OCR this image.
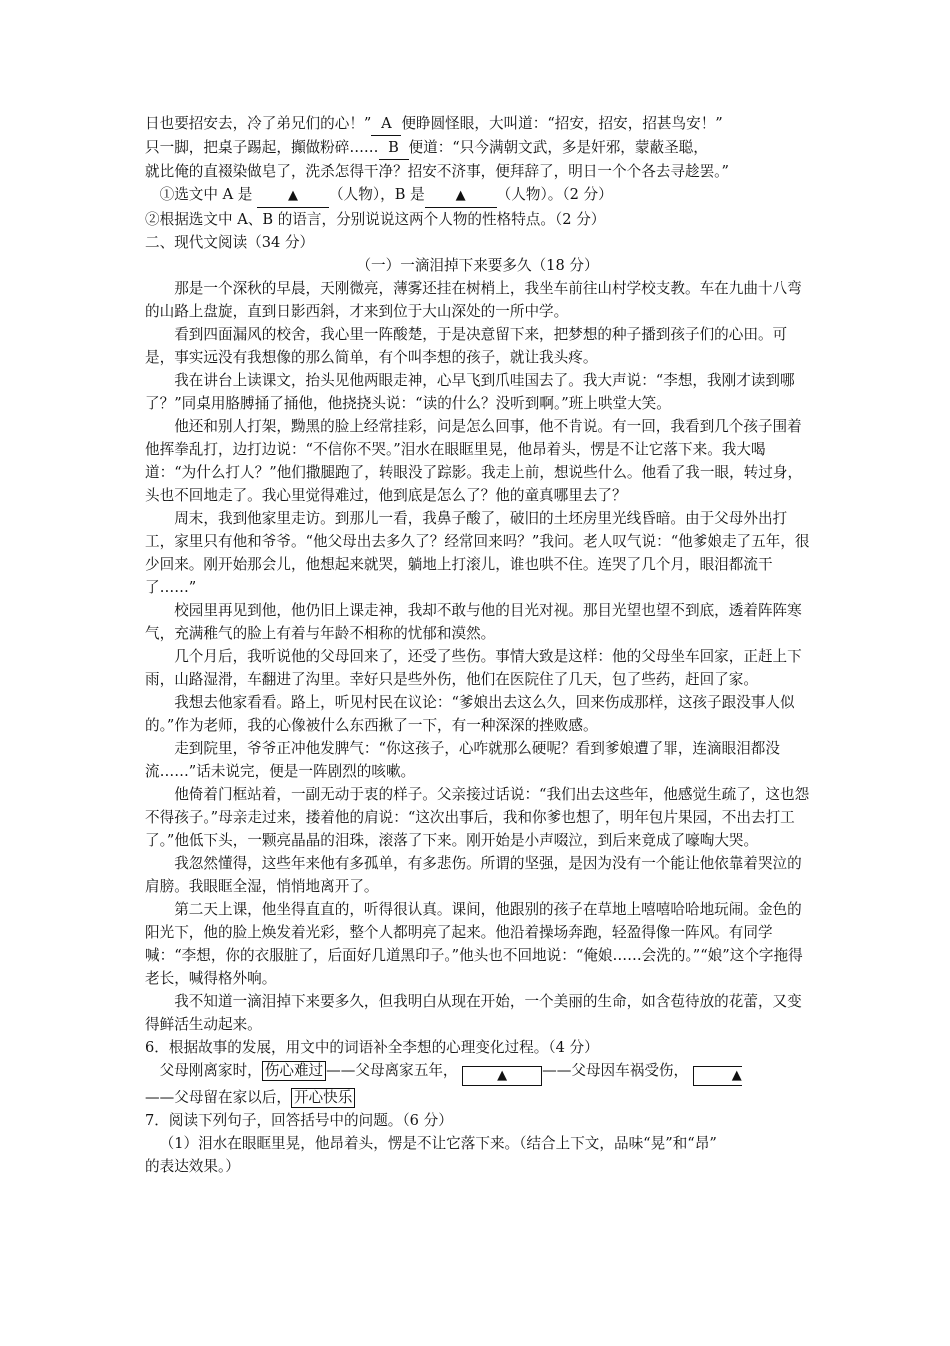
日也要招安去，冷了弟兄们的心！” A 便睁圆怪眼，大叫道：“招安，招安，招甚鸟安！”

只一脚，把桌子踢起，攧做粉碎…… B 便道：“只今满朝文武，多是奸邪，蒙蔽圣聪，

就比俺的直裰染做皂了，洗杀怎得干净？招安不济事，便拜辞了，明日一个个各去寻趁罢。”

①选文中 A 是	▲ （人物），B 是 ▲ （人物）。（2 分）

②根据选文中 A、B 的语言，分别说说这两个人物的性格特点。（2 分）

二、现代文阅读（34 分）

（一）一滴泪掉下来要多久（18 分）

那是一个深秋的早晨，天刚微亮，薄雾还挂在树梢上，我坐车前往山村学校支教。车在九曲十八弯的山路上盘旋，直到日影西斜，才来到位于大山深处的一所中学。

看到四面漏风的校舍，我心里一阵酸楚，于是决意留下来，把梦想的种子播到孩子们的心田。可是，事实远没有我想像的那么简单，有个叫李想的孩子，就让我头疼。

我在讲台上读课文，抬头见他两眼走神，心早飞到爪哇国去了。我大声说：“李想，我刚才读到哪了？”同桌用胳膊捅了捅他，他挠挠头说：“读的什么？没听到啊。”班上哄堂大笑。

他还和别人打架，黝黑的脸上经常挂彩，问是怎么回事，他不肯说。有一回，我看到几个孩子围着他挥拳乱打，边打边说：“不信你不哭。”泪水在眼眶里晃，他昂着头，愣是不让它落下来。我大喝道：“为什么打人？”他们撒腿跑了，转眼没了踪影。我走上前，想说些什么。他看了我一眼，转过身，头也不回地走了。我心里觉得难过，他到底是怎么了？他的童真哪里去了？

周末，我到他家里走访。到那儿一看，我鼻子酸了，破旧的土坯房里光线昏暗。由于父母外出打工，家里只有他和爷爷。“他父母出去多久了？经常回来吗？”我问。老人叹气说：“他爹娘走了五年，很少回来。刚开始那会儿，他想起来就哭，躺地上打滚儿，谁也哄不住。连哭了几个月，眼泪都流干了……”

校园里再见到他，他仍旧上课走神，我却不敢与他的目光对视。那目光望也望不到底，透着阵阵寒气，充满稚气的脸上有着与年龄不相称的忧郁和漠然。

几个月后，我听说他的父母回来了，还受了些伤。事情大致是这样：他的父母坐车回家，正赶上下雨，山路湿滑，车翻进了沟里。幸好只是些外伤，他们在医院住了几天，包了些药，赶回了家。

我想去他家看看。路上，听见村民在议论：“爹娘出去这么久，回来伤成那样，这孩子跟没事人似的。”作为老师，我的心像被什么东西揪了一下，有一种深深的挫败感。

走到院里，爷爷正冲他发脾气：“你这孩子，心咋就那么硬呢？看到爹娘遭了罪，连滴眼泪都没流……”话未说完，便是一阵剧烈的咳嗽。

他倚着门框站着，一副无动于衷的样子。父亲接过话说：“我们出去这些年，他感觉生疏了，这也怨不得孩子。”母亲走过来，搂着他的肩说：“这次出事后，我和你爹也想了，明年包片果园，不出去打工了。”他低下头，一颗亮晶晶的泪珠，滚落了下来。刚开始是小声啜泣，到后来竟成了嚎啕大哭。

我忽然懂得，这些年来他有多孤单，有多悲伤。所谓的坚强，是因为没有一个能让他依靠着哭泣的肩膀。我眼眶全湿，悄悄地离开了。

第二天上课，他坐得直直的，听得很认真。课间，他跟别的孩子在草地上嘻嘻哈哈地玩闹。金色的阳光下，他的脸上焕发着光彩，整个人都明亮了起来。他沿着操场奔跑，轻盈得像一阵风。有同学喊：“李想，你的衣服脏了，后面好几道黑印子。”他头也不回地说：“俺娘……会洗的。”“娘”这个字拖得老长，喊得格外响。

我不知道一滴泪掉下来要多久，但我明白从现在开始，一个美丽的生命，如含苞待放的花蕾，又变得鲜活生动起来。

6．根据故事的发展，用文中的词语补全李想的心理变化过程。（4 分）

父母刚离家时， 伤心难过 ——父母离家五年，	▲ ——父母因车祸受伤，	▲

——父母留在家以后， 开心快乐

7．阅读下列句子，回答括号中的问题。（6 分）

（1）泪水在眼眶里晃，他昂着头，愣是不让它落下来。（结合上下文，品味“晃”和“昂”

的表达效果。）
